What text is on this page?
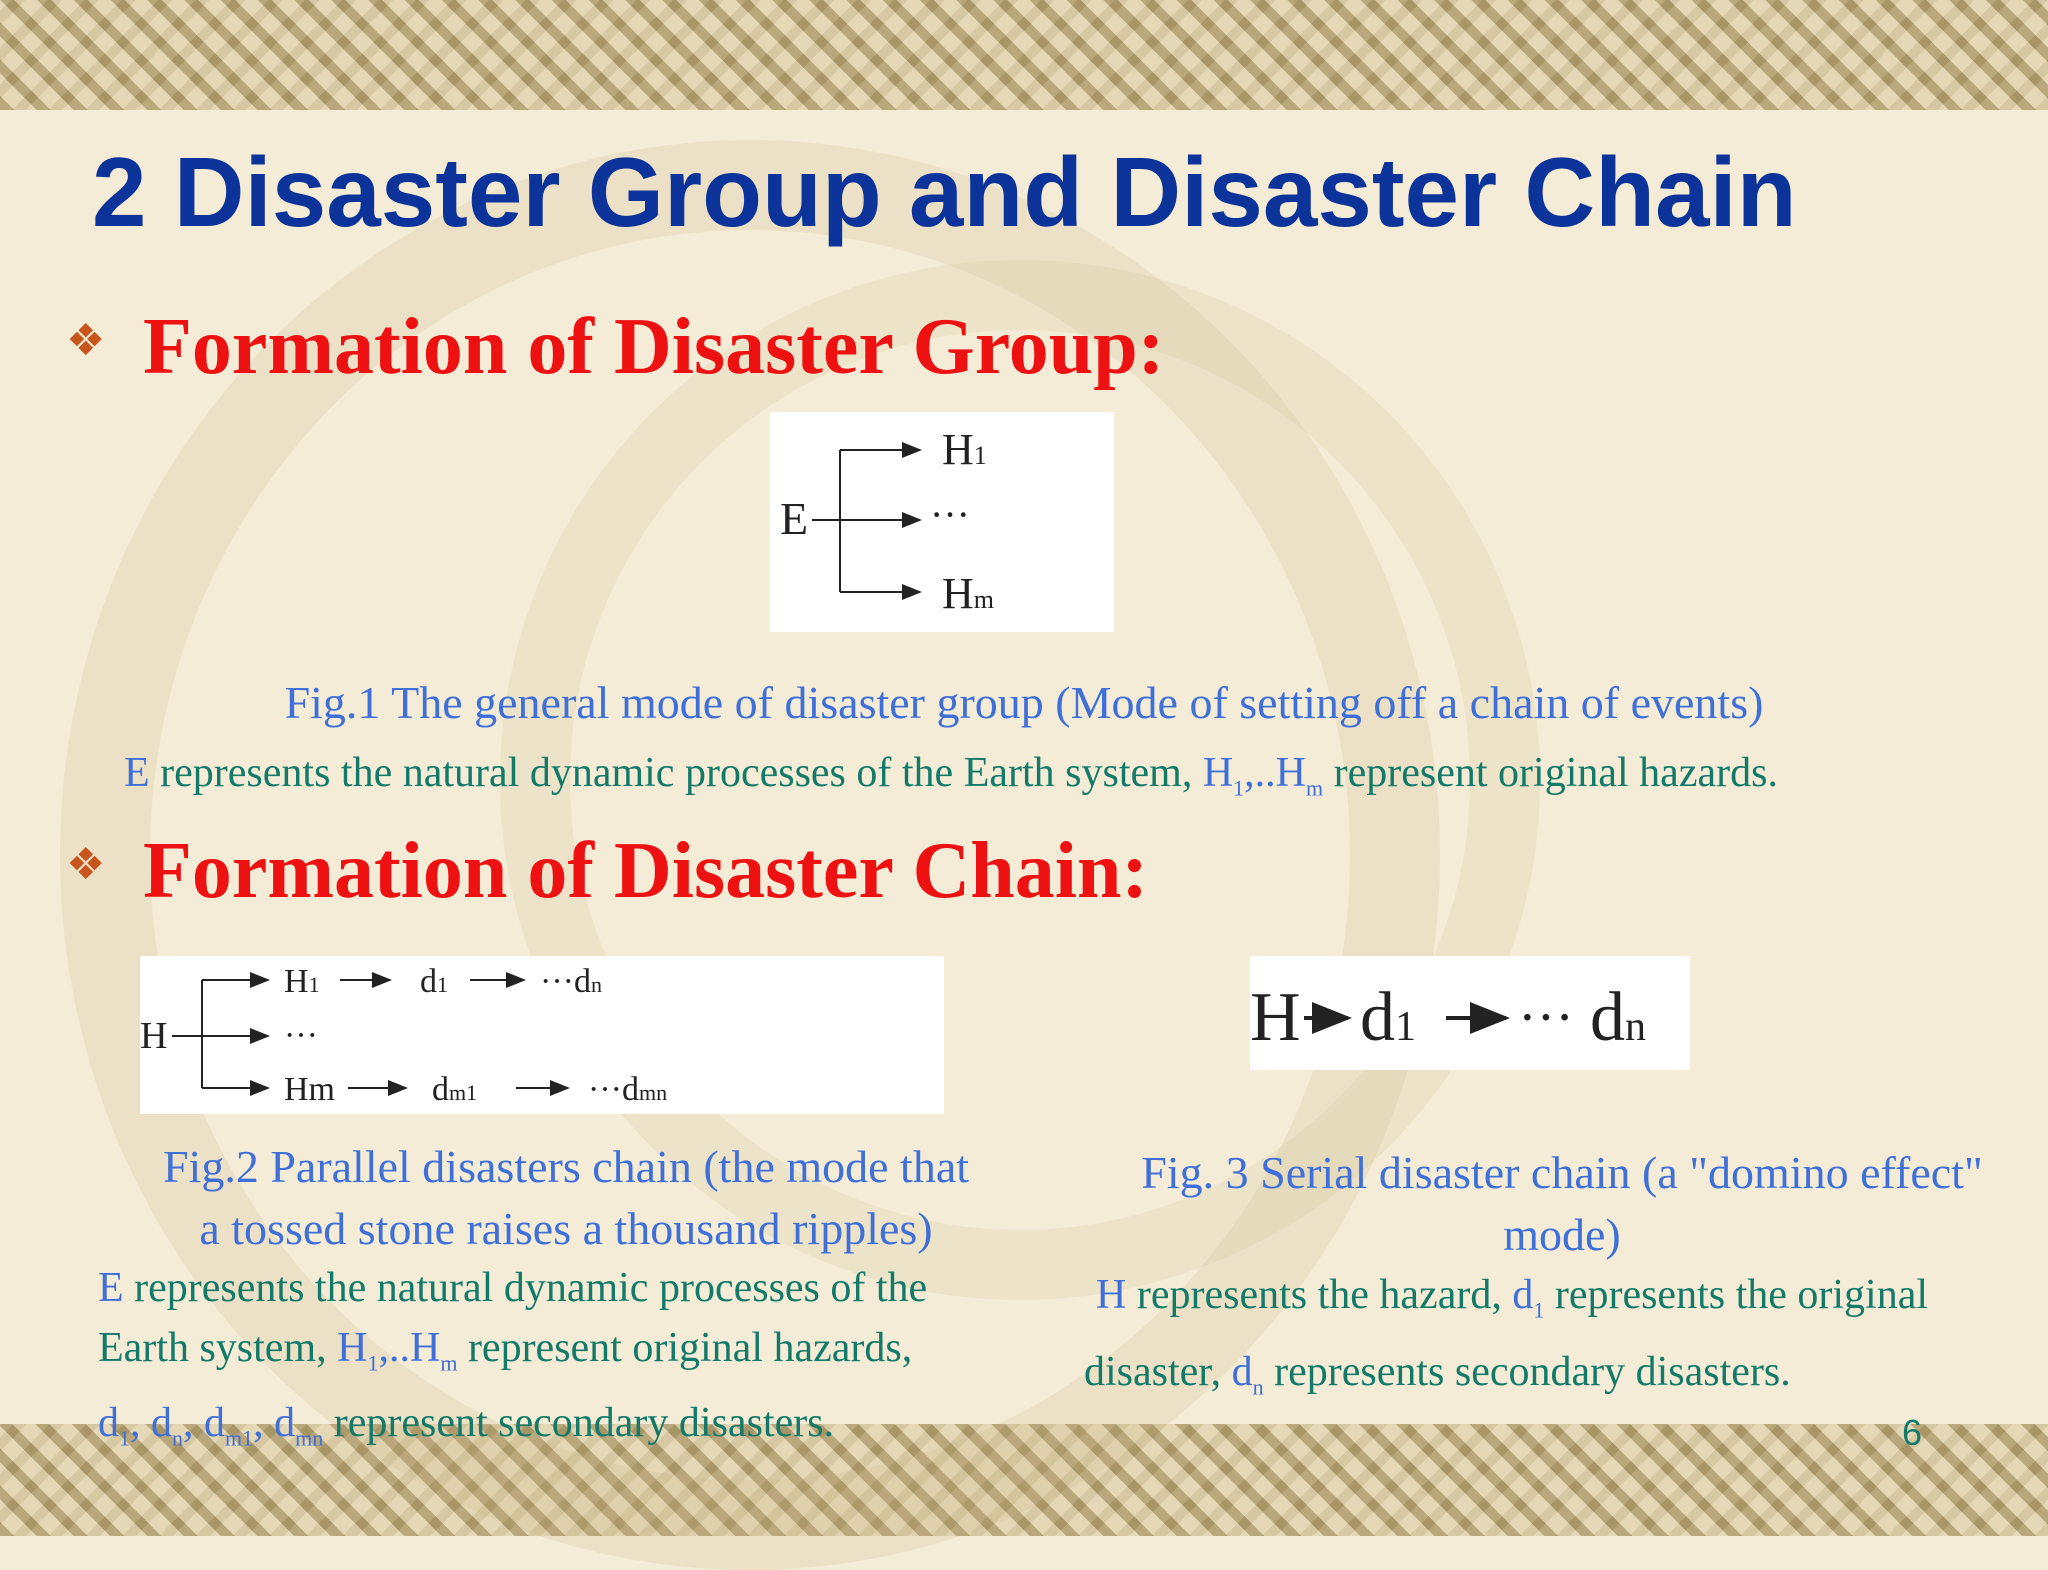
2 Disaster Group and Disaster Chain
❖ Formation of Disaster Group:
E
H1
···
Hm

Fig.1 The general mode of disaster group (Mode of setting off a chain of events)

E represents the natural dynamic processes of the Earth system, $H_1,..H_m$ represent original hazards.

❖ Formation of Disaster Chain:
H
H1	d1	···dn
···
Hm	dm1	···dmn
H d1 ··· dn

Fig.2 Parallel disasters chain (the mode that
a tossed stone raises a thousand ripples)

E represents the natural dynamic processes of the
Earth system, $H_1,..H_m$ represent original hazards,
$d_1$, $d_n$, $d_{m1}$, $d_{mn}$ represent secondary disasters.

Fig. 3 Serial disaster chain (a "domino effect"
mode)

H represents the hazard, $d_1$ represents the original
disaster, $d_n$ represents secondary disasters.

6
